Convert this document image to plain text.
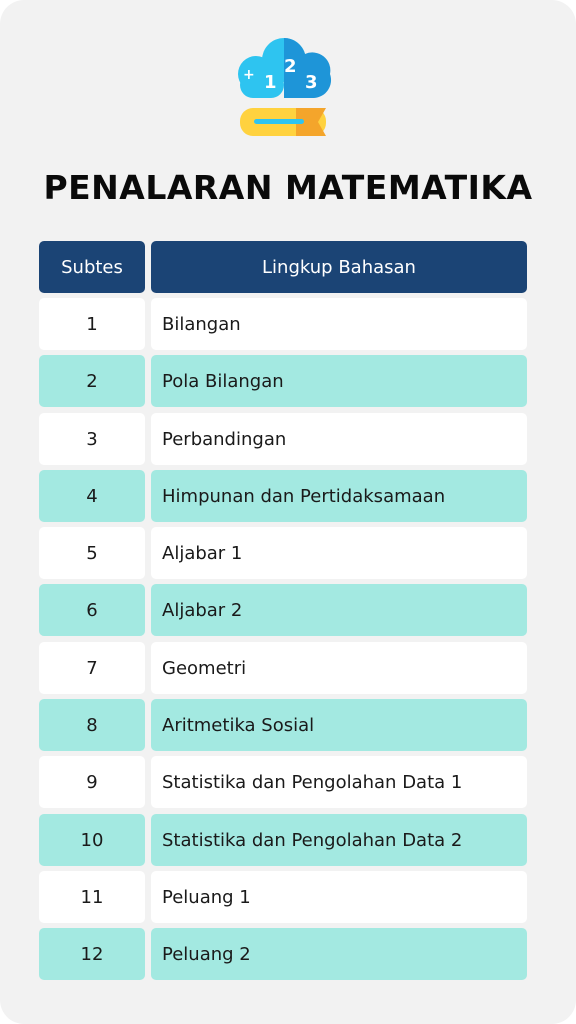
+ 1
2
3
PENALARAN MATEMATIKA
Subtes	Lingkup Bahasan
1	Bilangan
2	Pola Bilangan
3	Perbandingan
4	Himpunan dan Pertidaksamaan
5	Aljabar 1
6	Aljabar 2
7	Geometri
8	Aritmetika Sosial
9	Statistika dan Pengolahan Data 1
10	Statistika dan Pengolahan Data 2
11	Peluang 1
12	Peluang 2
